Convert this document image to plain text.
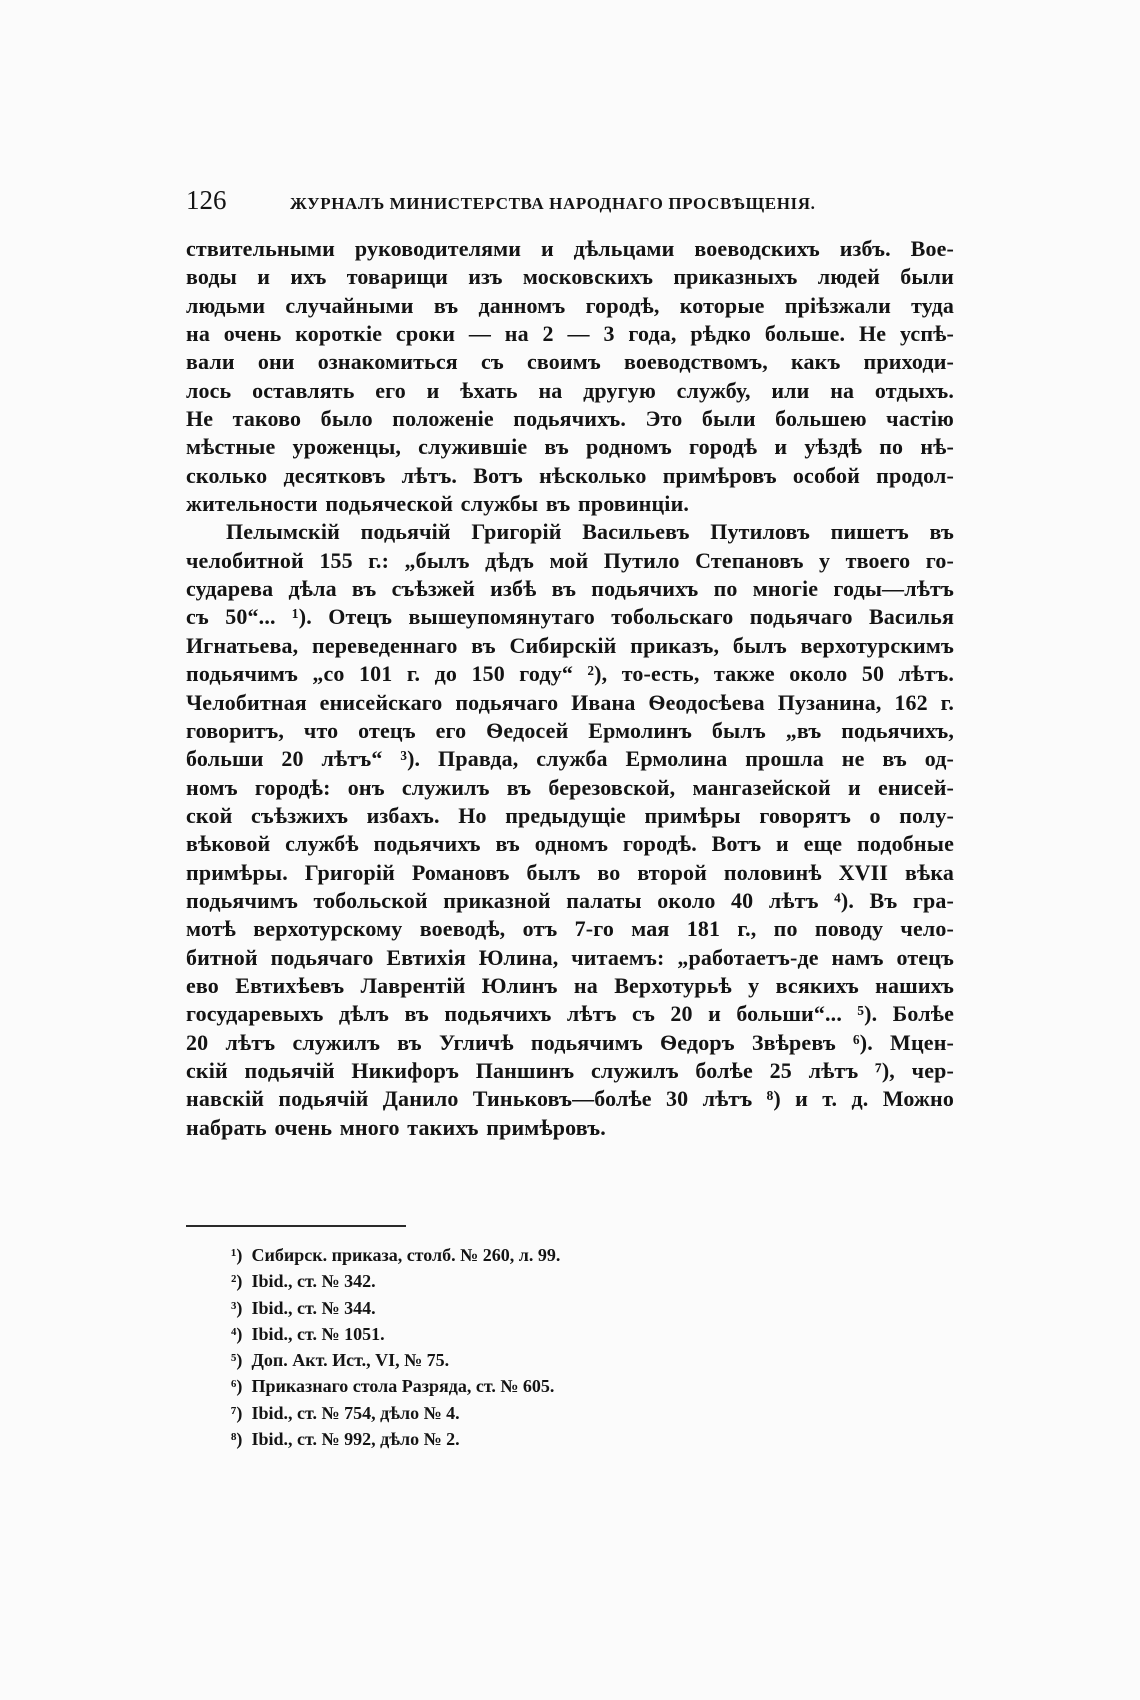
126	ЖУРНАЛЪ МИНИСТЕРСТВА НАРОДНАГО ПРОСВѢЩЕНІЯ.
ствительными руководителями и дѣльцами воеводскихъ избъ. Вое-
воды и ихъ товарищи изъ московскихъ приказныхъ людей были
людьми случайными въ данномъ городѣ, которые пріѣзжали туда
на очень короткіе сроки — на 2 — 3 года, рѣдко больше. Не успѣ-
вали они ознакомиться съ своимъ воеводствомъ, какъ приходи-
лось оставлять его и ѣхать на другую службу, или на отдыхъ.
Не таково было положеніе подьячихъ. Это были большею частію
мѣстные уроженцы, служившіе въ родномъ городѣ и уѣздѣ по нѣ-
сколько десятковъ лѣтъ. Вотъ нѣсколько примѣровъ особой продол-
жительности подьяческой службы въ провинціи.
Пелымскій подьячій Григорій Васильевъ Путиловъ пишетъ въ
челобитной 155 г.: „былъ дѣдъ мой Путило Степановъ у твоего го-
сударева дѣла въ съѣзжей избѣ въ подьячихъ по многіе годы—лѣтъ
съ 50“... ¹). Отецъ вышеупомянутаго тобольскаго подьячаго Василья
Игнатьева, переведеннаго въ Сибирскій приказъ, былъ верхотурскимъ
подьячимъ „со 101 г. до 150 году“ ²), то-есть, также около 50 лѣтъ.
Челобитная енисейскаго подьячаго Ивана Ѳеодосѣева Пузанина, 162 г.
говоритъ, что отецъ его Ѳедосей Ермолинъ былъ „въ подьячихъ,
больши 20 лѣтъ“ ³). Правда, служба Ермолина прошла не въ од-
номъ городѣ: онъ служилъ въ березовской, мангазейской и енисей-
ской съѣзжихъ избахъ. Но предыдущіе примѣры говорятъ о полу-
вѣковой службѣ подьячихъ въ одномъ городѣ. Вотъ и еще подобные
примѣры. Григорій Романовъ былъ во второй половинѣ XVII вѣка
подьячимъ тобольской приказной палаты около 40 лѣтъ ⁴). Въ гра-
мотѣ верхотурскому воеводѣ, отъ 7-го мая 181 г., по поводу чело-
битной подьячаго Евтихія Юлина, читаемъ: „работаетъ-де намъ отецъ
ево Евтихѣевъ Лаврентій Юлинъ на Верхотурьѣ у всякихъ нашихъ
государевыхъ дѣлъ въ подьячихъ лѣтъ съ 20 и больши“... ⁵). Болѣе
20 лѣтъ служилъ въ Угличѣ подьячимъ Ѳедоръ Звѣревъ ⁶). Мцен-
скій подьячій Никифоръ Паншинъ служилъ болѣе 25 лѣтъ ⁷), чер-
навскій подьячій Данило Тиньковъ—болѣе 30 лѣтъ ⁸) и т. д. Можно
набрать очень много такихъ примѣровъ.
¹) Сибирск. приказа, столб. № 260, л. 99.
²) Ibid., ст. № 342.
³) Ibid., ст. № 344.
⁴) Ibid., ст. № 1051.
⁵) Доп. Акт. Ист., VI, № 75.
⁶) Приказнаго стола Разряда, ст. № 605.
⁷) Ibid., ст. № 754, дѣло № 4.
⁸) Ibid., ст. № 992, дѣло № 2.
